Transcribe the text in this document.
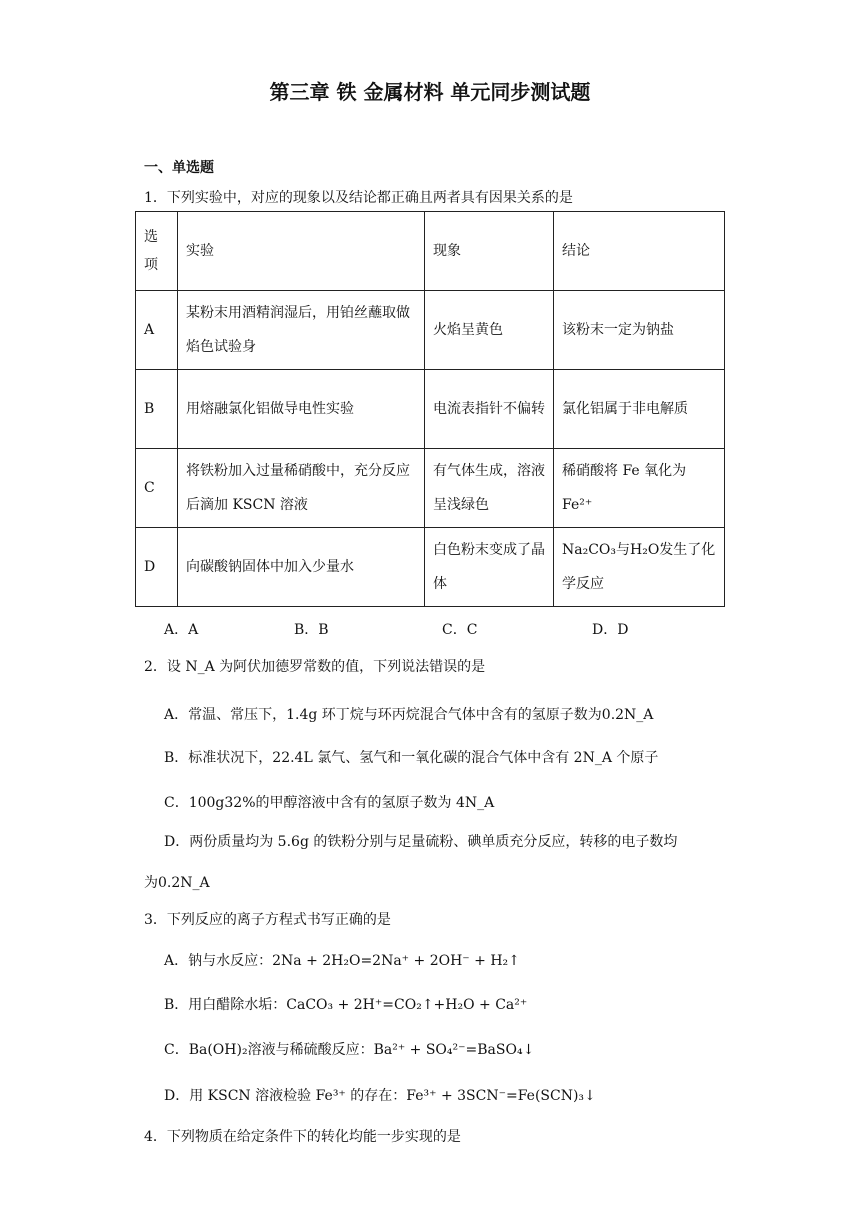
第三章 铁 金属材料 单元同步测试题
一、单选题
1．下列实验中，对应的现象以及结论都正确且两者具有因果关系的是
选项	实验	现象	结论
A	某粉末用酒精润湿后，用铂丝蘸取做焰色试验身	火焰呈黄色	该粉末一定为钠盐
B	用熔融氯化铝做导电性实验	电流表指针不偏转	氯化铝属于非电解质
C	将铁粉加入过量稀硝酸中，充分反应后滴加 KSCN 溶液	有气体生成，溶液呈浅绿色	稀硝酸将 Fe 氧化为 Fe²⁺
D	向碳酸钠固体中加入少量水	白色粉末变成了晶体	Na₂CO₃与H₂O发生了化学反应
A．A	B．B	C．C	D．D
2．设 N_A 为阿伏加德罗常数的值，下列说法错误的是
A．常温、常压下，1.4g 环丁烷与环丙烷混合气体中含有的氢原子数为0.2N_A
B．标准状况下，22.4L 氯气、氢气和一氧化碳的混合气体中含有 2N_A 个原子
C．100g32%的甲醇溶液中含有的氢原子数为 4N_A
D．两份质量均为 5.6g 的铁粉分别与足量硫粉、碘单质充分反应，转移的电子数均
为0.2N_A
3．下列反应的离子方程式书写正确的是
A．钠与水反应：2Na + 2H₂O=2Na⁺ + 2OH⁻ + H₂↑
B．用白醋除水垢：CaCO₃ + 2H⁺=CO₂↑+H₂O + Ca²⁺
C．Ba(OH)₂溶液与稀硫酸反应：Ba²⁺ + SO₄²⁻=BaSO₄↓
D．用 KSCN 溶液检验 Fe³⁺ 的存在：Fe³⁺ + 3SCN⁻=Fe(SCN)₃↓
4．下列物质在给定条件下的转化均能一步实现的是
